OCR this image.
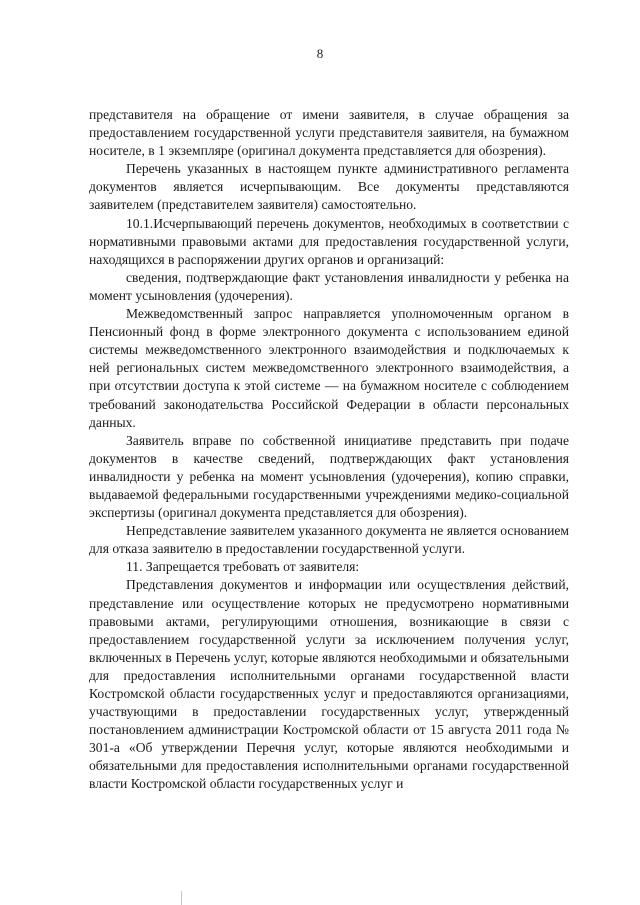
8

представителя на обращение от имени заявителя, в случае обращения за предоставлением государственной услуги представителя заявителя, на бумажном носителе, в 1 экземпляре (оригинал документа представляется для обозрения).

Перечень указанных в настоящем пункте административного регламента документов является исчерпывающим. Все документы представляются заявителем (представителем заявителя) самостоятельно.

10.1.Исчерпывающий перечень документов, необходимых в соответствии с нормативными правовыми актами для предоставления государственной услуги, находящихся в распоряжении других органов и организаций:

сведения, подтверждающие факт установления инвалидности у ребенка на момент усыновления (удочерения).

Межведомственный запрос направляется уполномоченным органом в Пенсионный фонд в форме электронного документа с использованием единой системы межведомственного электронного взаимодействия и подключаемых к ней региональных систем межведомственного электронного взаимодействия, а при отсутствии доступа к этой системе — на бумажном носителе с соблюдением требований законодательства Российской Федерации в области персональных данных.

Заявитель вправе по собственной инициативе представить при подаче документов в качестве сведений, подтверждающих факт установления инвалидности у ребенка на момент усыновления (удочерения), копию справки, выдаваемой федеральными государственными учреждениями медико-социальной экспертизы (оригинал документа представляется для обозрения).

Непредставление заявителем указанного документа не является основанием для отказа заявителю в предоставлении государственной услуги.

11. Запрещается требовать от заявителя:

Представления документов и информации или осуществления действий, представление или осуществление которых не предусмотрено нормативными правовыми актами, регулирующими отношения, возникающие в связи с предоставлением государственной услуги за исключением получения услуг, включенных в Перечень услуг, которые являются необходимыми и обязательными для предоставления исполнительными органами государственной власти Костромской области государственных услуг и предоставляются организациями, участвующими в предоставлении государственных услуг, утвержденный постановлением администрации Костромской области от 15 августа 2011 года № 301-а «Об утверждении Перечня услуг, которые являются необходимыми и обязательными для предоставления исполнительными органами государственной власти Костромской области государственных услуг и
